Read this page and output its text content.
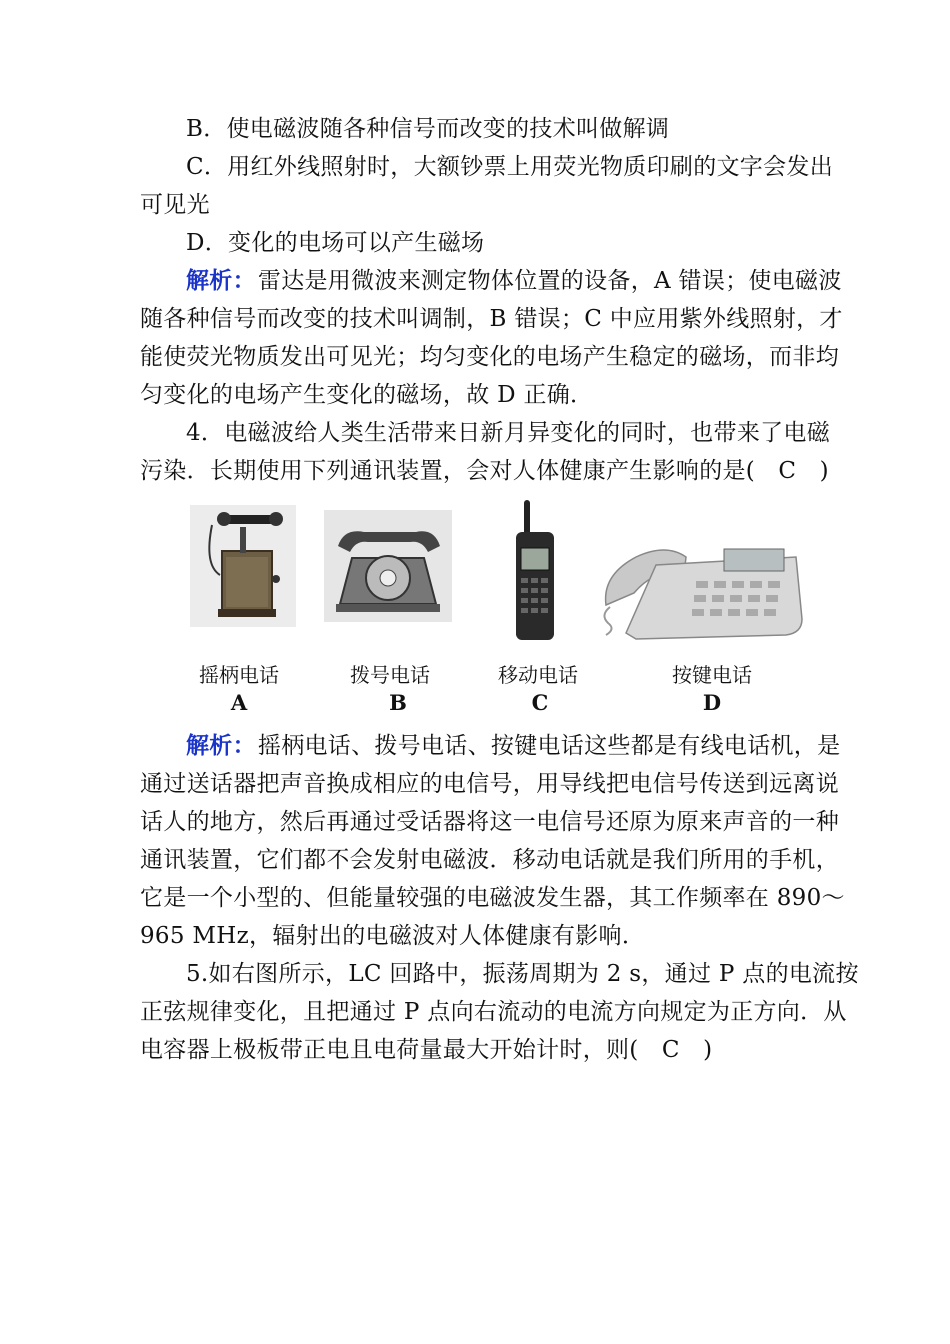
B．使电磁波随各种信号而改变的技术叫做解调
C．用红外线照射时，大额钞票上用荧光物质印刷的文字会发出
可见光
D．变化的电场可以产生磁场
解析：雷达是用微波来测定物体位置的设备，A 错误；使电磁波
随各种信号而改变的技术叫调制，B 错误；C 中应用紫外线照射，才
能使荧光物质发出可见光；均匀变化的电场产生稳定的磁场，而非均
匀变化的电场产生变化的磁场，故 D 正确．
4．电磁波给人类生活带来日新月异变化的同时，也带来了电磁
污染．长期使用下列通讯装置，会对人体健康产生影响的是(　C　)
摇柄电话	拨号电话	移动电话	按键电话
A	B	C	D
解析：摇柄电话、拨号电话、按键电话这些都是有线电话机，是
通过送话器把声音换成相应的电信号，用导线把电信号传送到远离说
话人的地方，然后再通过受话器将这一电信号还原为原来声音的一种
通讯装置，它们都不会发射电磁波．移动电话就是我们所用的手机，
它是一个小型的、但能量较强的电磁波发生器，其工作频率在 890～
965 MHz，辐射出的电磁波对人体健康有影响．
5.如右图所示，LC 回路中，振荡周期为 2 s，通过 P 点的电流按
正弦规律变化，且把通过 P 点向右流动的电流方向规定为正方向．从
电容器上极板带正电且电荷量最大开始计时，则(　C　)
